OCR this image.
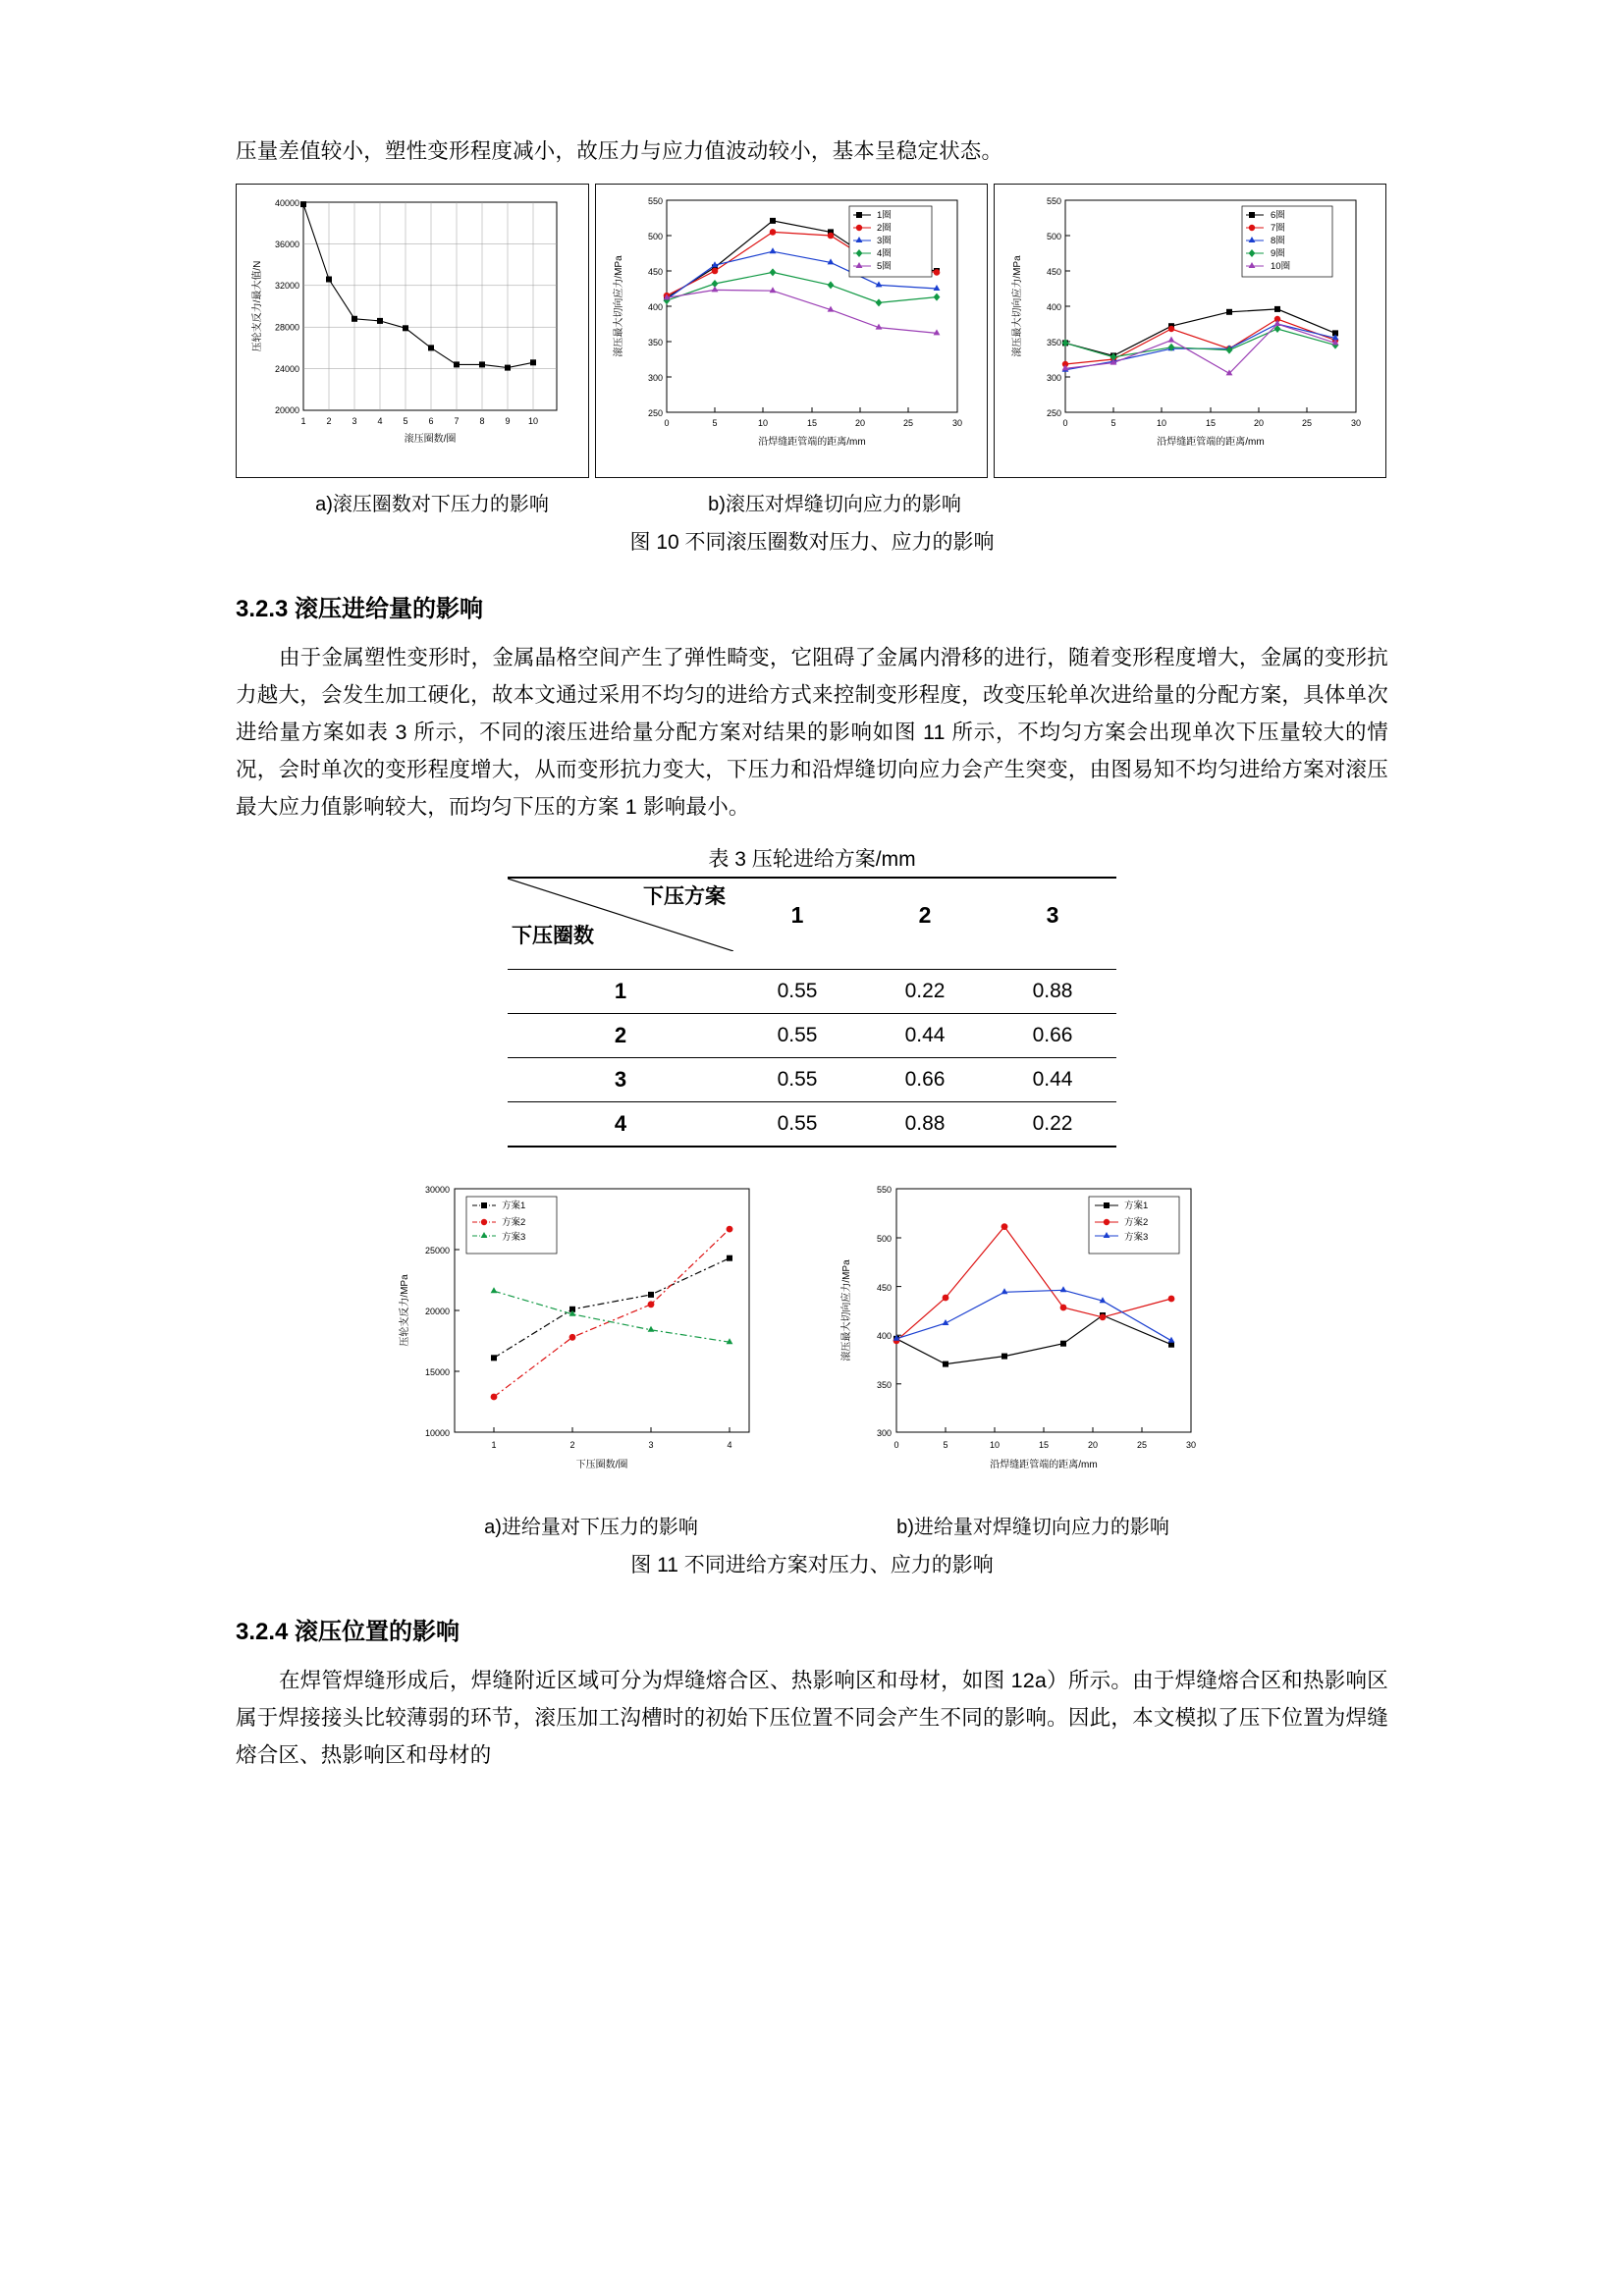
压量差值较小，塑性变形程度减小，故压力与应力值波动较小，基本呈稳定状态。

40000
36000
32000
28000
24000
20000
1 2 3 4 5 6 7 8 9 10
滚压圈数/圈
压轮支反力/最大值/N
550
500
450
400
350
300
250
0	5	10	15	20	25	30
沿焊缝距管端的距离/mm
滚压最大切向应力/MPa
1圈
2圈
3圈
4圈
5圈
550
500
450
400
350
300
250
0	5	10	15	20	25	30
沿焊缝距管端的距离/mm
滚压最大切向应力/MPa
6圈
7圈
8圈
9圈
10圈
a)滚压圈数对下压力的影响	b)滚压对焊缝切向应力的影响

图 10 不同滚压圈数对压力、应力的影响

3.2.3 滚压进给量的影响

由于金属塑性变形时，金属晶格空间产生了弹性畸变，它阻碍了金属内滑移的进行，随着变形程度增大，金属的变形抗力越大，会发生加工硬化，故本文通过采用不均匀的进给方式来控制变形程度，改变压轮单次进给量的分配方案，具体单次进给量方案如表 3 所示，不同的滚压进给量分配方案对结果的影响如图 11 所示，不均匀方案会出现单次下压量较大的情况，会时单次的变形程度增大，从而变形抗力变大，下压力和沿焊缝切向应力会产生突变，由图易知不均匀进给方案对滚压最大应力值影响较大，而均匀下压的方案 1 影响最小。

表 3 压轮进给方案/mm

下压方案
下压圈数	1	2	3

1	0.55	0.22	0.88
2	0.55	0.44	0.66
3	0.55	0.66	0.44
4	0.55	0.88	0.22
30000
25000
20000
15000
10000
1	2	3	4
下压圈数/圈
压轮支反力/MPa
方案1
方案2
方案3
550
500
450
400
350
300
0	5	10	15	20	25	30
沿焊缝距管端的距离/mm
滚压最大切向应力/MPa
方案1
方案2
方案3
a)进给量对下压力的影响	b)进给量对焊缝切向应力的影响

图 11 不同进给方案对压力、应力的影响

3.2.4 滚压位置的影响

在焊管焊缝形成后，焊缝附近区域可分为焊缝熔合区、热影响区和母材，如图 12a）所示。由于焊缝熔合区和热影响区属于焊接接头比较薄弱的环节，滚压加工沟槽时的初始下压位置不同会产生不同的影响。因此，本文模拟了压下位置为焊缝熔合区、热影响区和母材的
